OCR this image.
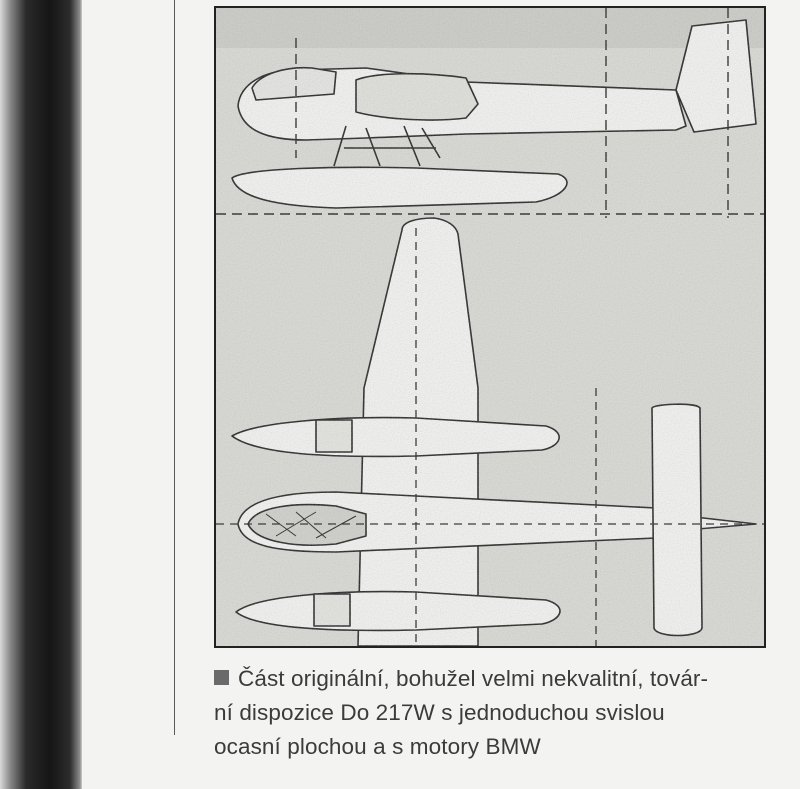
Část originální, bohužel velmi nekvalitní, továr-
ní dispozice Do 217W s jednoduchou svislou
ocasní plochou a s motory BMW
